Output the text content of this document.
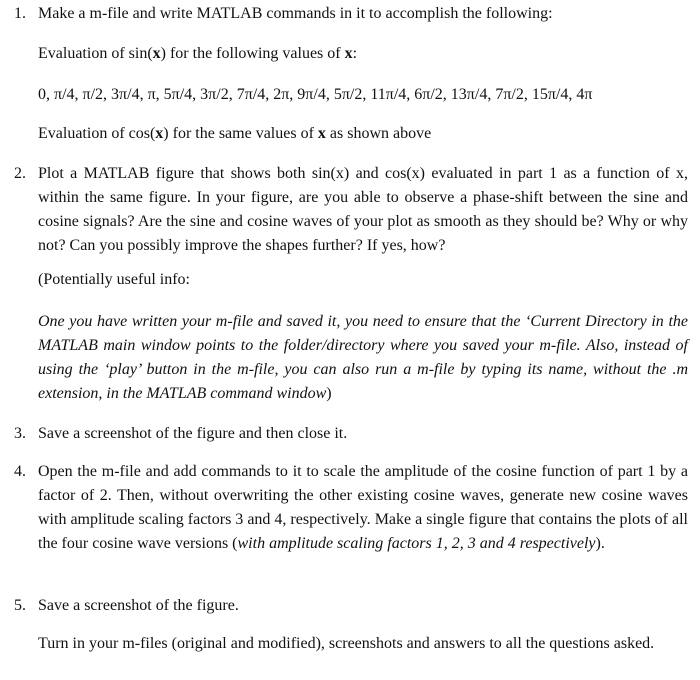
1. Make a m-file and write MATLAB commands in it to accomplish the following:
Evaluation of sin(x) for the following values of x:
0, π/4, π/2, 3π/4, π, 5π/4, 3π/2, 7π/4, 2π, 9π/4, 5π/2, 11π/4, 6π/2, 13π/4, 7π/2, 15π/4, 4π
Evaluation of cos(x) for the same values of x as shown above
2. Plot a MATLAB figure that shows both sin(x) and cos(x) evaluated in part 1 as a function of x, within the same figure. In your figure, are you able to observe a phase-shift between the sine and cosine signals? Are the sine and cosine waves of your plot as smooth as they should be? Why or why not? Can you possibly improve the shapes further? If yes, how?
(Potentially useful info:
One you have written your m-file and saved it, you need to ensure that the ‘Current Directory in the MATLAB main window points to the folder/directory where you saved your m-file. Also, instead of using the ‘play’ button in the m-file, you can also run a m-file by typing its name, without the .m extension, in the MATLAB command window)
3. Save a screenshot of the figure and then close it.
4. Open the m-file and add commands to it to scale the amplitude of the cosine function of part 1 by a factor of 2. Then, without overwriting the other existing cosine waves, generate new cosine waves with amplitude scaling factors 3 and 4, respectively. Make a single figure that contains the plots of all the four cosine wave versions (with amplitude scaling factors 1, 2, 3 and 4 respectively).
5. Save a screenshot of the figure.
Turn in your m-files (original and modified), screenshots and answers to all the questions asked.
